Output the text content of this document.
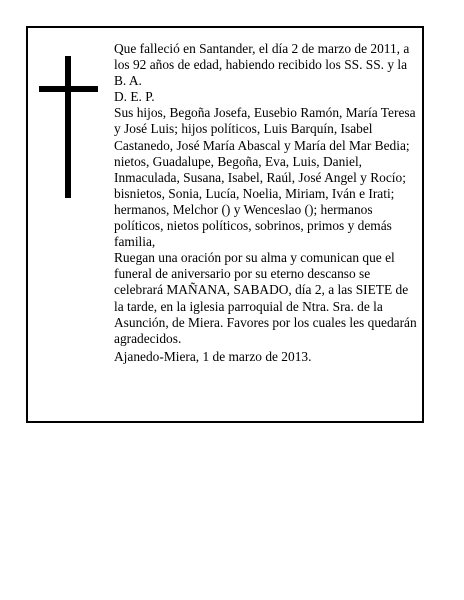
Que falleció en Santander, el día 2 de marzo de 2011, a los 92 años de edad, habiendo recibido los SS. SS. y la B. A.

D. E. P.

Sus hijos, Begoña Josefa, Eusebio Ramón, María Teresa y José Luis; hijos políticos, Luis Barquín, Isabel Castanedo, José María Abascal y María del Mar Bedia; nietos, Guadalupe, Begoña, Eva, Luis, Daniel, Inmaculada, Susana, Isabel, Raúl, José Angel y Rocío; bisnietos, Sonia, Lucía, Noelia, Miriam, Iván e Irati; hermanos, Melchor () y Wenceslao (); hermanos políticos, nietos políticos, sobrinos, primos y demás familia,

Ruegan una oración por su alma y comunican que el funeral de aniversario por su eterno descanso se celebrará MAÑANA, SABADO, día 2, a las SIETE de la tarde, en la iglesia parroquial de Ntra. Sra. de la Asunción, de Miera. Favores por los cuales les quedarán agradecidos.

Ajanedo-Miera, 1 de marzo de 2013.
